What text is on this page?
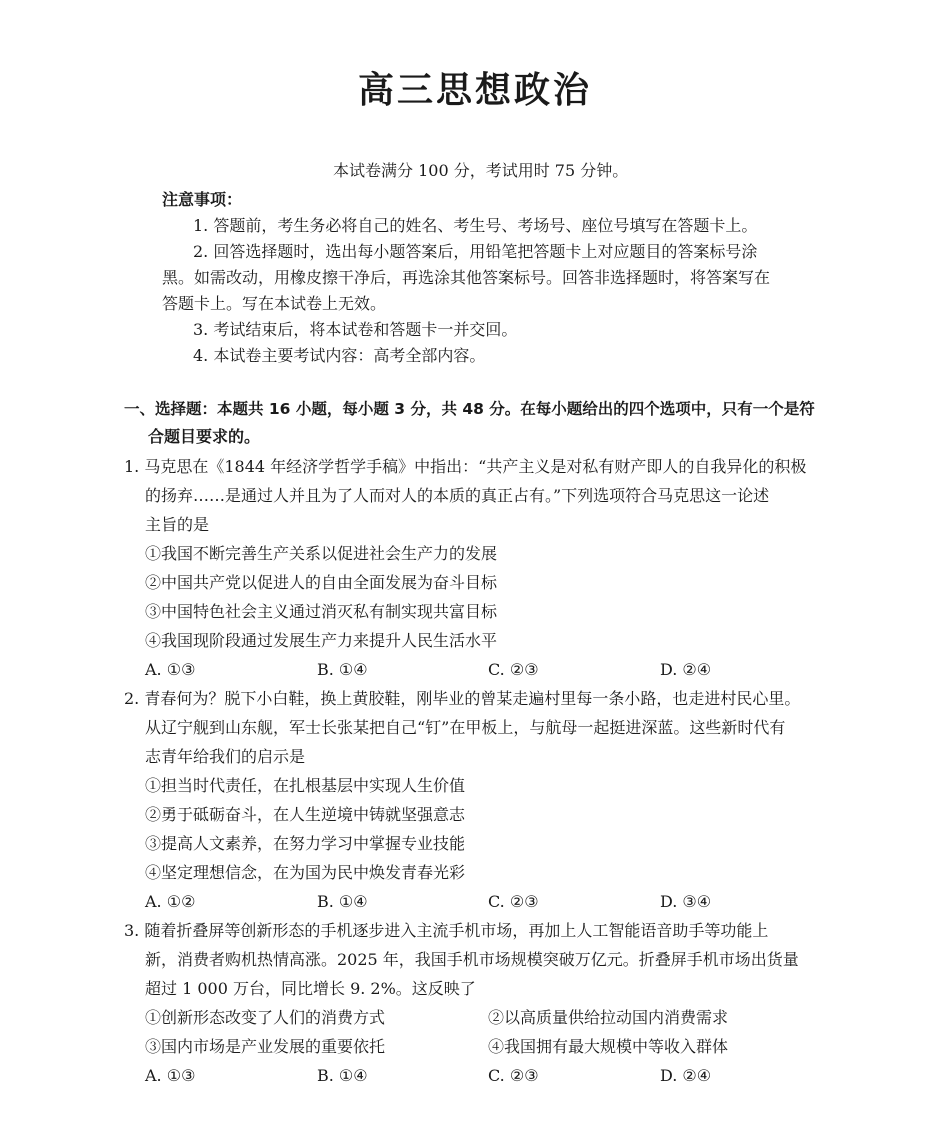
高三思想政治
本试卷满分 100 分，考试用时 75 分钟。
注意事项：
1. 答题前，考生务必将自己的姓名、考生号、考场号、座位号填写在答题卡上。
2. 回答选择题时，选出每小题答案后，用铅笔把答题卡上对应题目的答案标号涂
黑。如需改动，用橡皮擦干净后，再选涂其他答案标号。回答非选择题时，将答案写在
答题卡上。写在本试卷上无效。
3. 考试结束后，将本试卷和答题卡一并交回。
4. 本试卷主要考试内容：高考全部内容。
一、选择题：本题共 16 小题，每小题 3 分，共 48 分。在每小题给出的四个选项中，只有一个是符
合题目要求的。
1. 马克思在《1844 年经济学哲学手稿》中指出：“共产主义是对私有财产即人的自我异化的积极
的扬弃……是通过人并且为了人而对人的本质的真正占有。”下列选项符合马克思这一论述
主旨的是
①我国不断完善生产关系以促进社会生产力的发展
②中国共产党以促进人的自由全面发展为奋斗目标
③中国特色社会主义通过消灭私有制实现共富目标
④我国现阶段通过发展生产力来提升人民生活水平
A. ①③	B. ①④	C. ②③	D. ②④
2. 青春何为？脱下小白鞋，换上黄胶鞋，刚毕业的曾某走遍村里每一条小路，也走进村民心里。
从辽宁舰到山东舰，军士长张某把自己“钉”在甲板上，与航母一起挺进深蓝。这些新时代有
志青年给我们的启示是
①担当时代责任，在扎根基层中实现人生价值
②勇于砥砺奋斗，在人生逆境中铸就坚强意志
③提高人文素养，在努力学习中掌握专业技能
④坚定理想信念，在为国为民中焕发青春光彩
A. ①②	B. ①④	C. ②③	D. ③④
3. 随着折叠屏等创新形态的手机逐步进入主流手机市场，再加上人工智能语音助手等功能上
新，消费者购机热情高涨。2025 年，我国手机市场规模突破万亿元。折叠屏手机市场出货量
超过 1 000 万台，同比增长 9. 2%。这反映了
①创新形态改变了人们的消费方式	②以高质量供给拉动国内消费需求
③国内市场是产业发展的重要依托	④我国拥有最大规模中等收入群体
A. ①③	B. ①④	C. ②③	D. ②④
